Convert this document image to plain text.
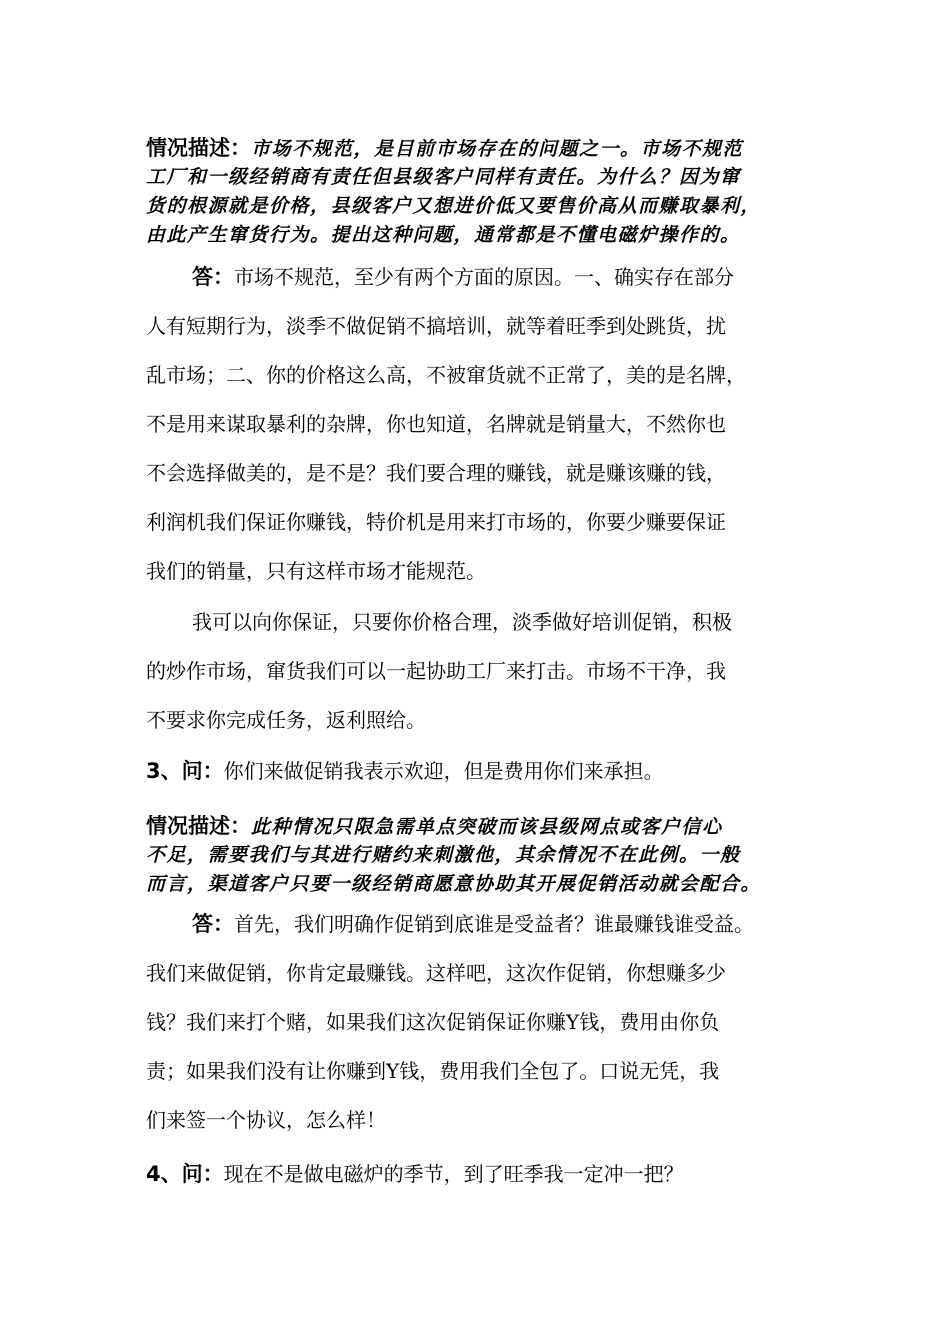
情况描述：市场不规范，是目前市场存在的问题之一。市场不规范
工厂和一级经销商有责任但县级客户同样有责任。为什么？因为窜
货的根源就是价格，县级客户又想进价低又要售价高从而赚取暴利，
由此产生窜货行为。提出这种问题，通常都是不懂电磁炉操作的。
答：市场不规范，至少有两个方面的原因。一、确实存在部分
人有短期行为，淡季不做促销不搞培训，就等着旺季到处跳货，扰
乱市场；二、你的价格这么高，不被窜货就不正常了，美的是名牌，
不是用来谋取暴利的杂牌，你也知道，名牌就是销量大，不然你也
不会选择做美的，是不是？我们要合理的赚钱，就是赚该赚的钱，
利润机我们保证你赚钱，特价机是用来打市场的，你要少赚要保证
我们的销量，只有这样市场才能规范。
我可以向你保证，只要你价格合理，淡季做好培训促销，积极
的炒作市场，窜货我们可以一起协助工厂来打击。市场不干净，我
不要求你完成任务，返利照给。
3、问：你们来做促销我表示欢迎，但是费用你们来承担。
情况描述：此种情况只限急需单点突破而该县级网点或客户信心
不足，需要我们与其进行赌约来刺激他，其余情况不在此例。一般
而言，渠道客户只要一级经销商愿意协助其开展促销活动就会配合。
答：首先，我们明确作促销到底谁是受益者？谁最赚钱谁受益。
我们来做促销，你肯定最赚钱。这样吧，这次作促销，你想赚多少
钱？我们来打个赌，如果我们这次促销保证你赚Y钱，费用由你负
责；如果我们没有让你赚到Y钱，费用我们全包了。口说无凭，我
们来签一个协议，怎么样！
4、问：现在不是做电磁炉的季节，到了旺季我一定冲一把？
